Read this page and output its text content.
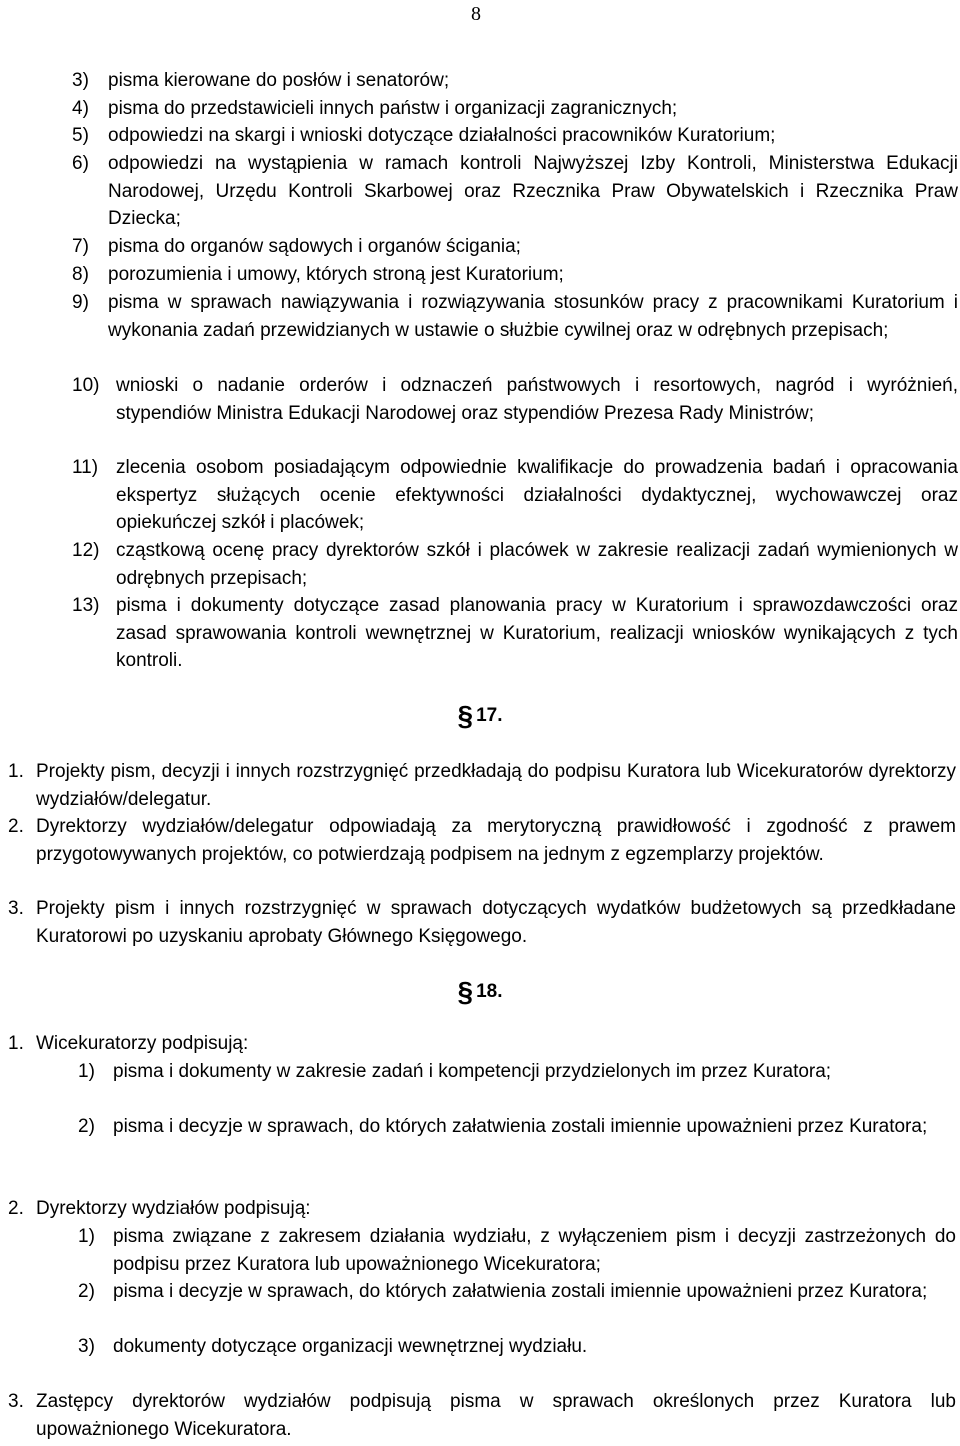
8
3) pisma kierowane do posłów i senatorów;
4) pisma do przedstawicieli innych państw i organizacji zagranicznych;
5) odpowiedzi na skargi i wnioski dotyczące działalności pracowników Kuratorium;
6) odpowiedzi na wystąpienia w ramach kontroli Najwyższej Izby Kontroli, Ministerstwa Edukacji Narodowej, Urzędu Kontroli Skarbowej oraz Rzecznika Praw Obywatelskich i Rzecznika Praw Dziecka;
7) pisma do organów sądowych i organów ścigania;
8) porozumienia i umowy, których stroną jest Kuratorium;
9) pisma w sprawach nawiązywania i rozwiązywania stosunków pracy z pracownikami Kuratorium i wykonania zadań przewidzianych w ustawie o służbie cywilnej oraz w odrębnych przepisach;
10) wnioski o nadanie orderów i odznaczeń państwowych i resortowych, nagród i wyróżnień, stypendiów Ministra Edukacji Narodowej oraz stypendiów Prezesa Rady Ministrów;
11) zlecenia osobom posiadającym odpowiednie kwalifikacje do prowadzenia badań i opracowania ekspertyz służących ocenie efektywności działalności dydaktycznej, wychowawczej oraz opiekuńczej szkół i placówek;
12) cząstkową ocenę pracy dyrektorów szkół i placówek w zakresie realizacji zadań wymienionych w odrębnych przepisach;
13) pisma i dokumenty dotyczące zasad planowania pracy w Kuratorium i sprawozdawczości oraz zasad sprawowania kontroli wewnętrznej w Kuratorium, realizacji wniosków wynikających z tych kontroli.
§ 17.
1. Projekty pism, decyzji i innych rozstrzygnięć przedkładają do podpisu Kuratora lub Wicekuratorów dyrektorzy wydziałów/delegatur.
2. Dyrektorzy wydziałów/delegatur odpowiadają za merytoryczną prawidłowość i zgodność z prawem przygotowywanych projektów, co potwierdzają podpisem na jednym z egzemplarzy projektów.
3. Projekty pism i innych rozstrzygnięć w sprawach dotyczących wydatków budżetowych są przedkładane Kuratorowi po uzyskaniu aprobaty Głównego Księgowego.
§ 18.
1. Wicekuratorzy podpisują:
1) pisma i dokumenty w zakresie zadań i kompetencji przydzielonych im przez Kuratora;
2) pisma i decyzje w sprawach, do których załatwienia zostali imiennie upoważnieni przez Kuratora;
2. Dyrektorzy wydziałów podpisują:
1) pisma związane z zakresem działania wydziału, z wyłączeniem pism i decyzji zastrzeżonych do podpisu przez Kuratora lub upoważnionego Wicekuratora;
2) pisma i decyzje w sprawach, do których załatwienia zostali imiennie upoważnieni przez Kuratora;
3) dokumenty dotyczące organizacji wewnętrznej wydziału.
3. Zastępcy dyrektorów wydziałów podpisują pisma w sprawach określonych przez Kuratora lub upoważnionego Wicekuratora.
